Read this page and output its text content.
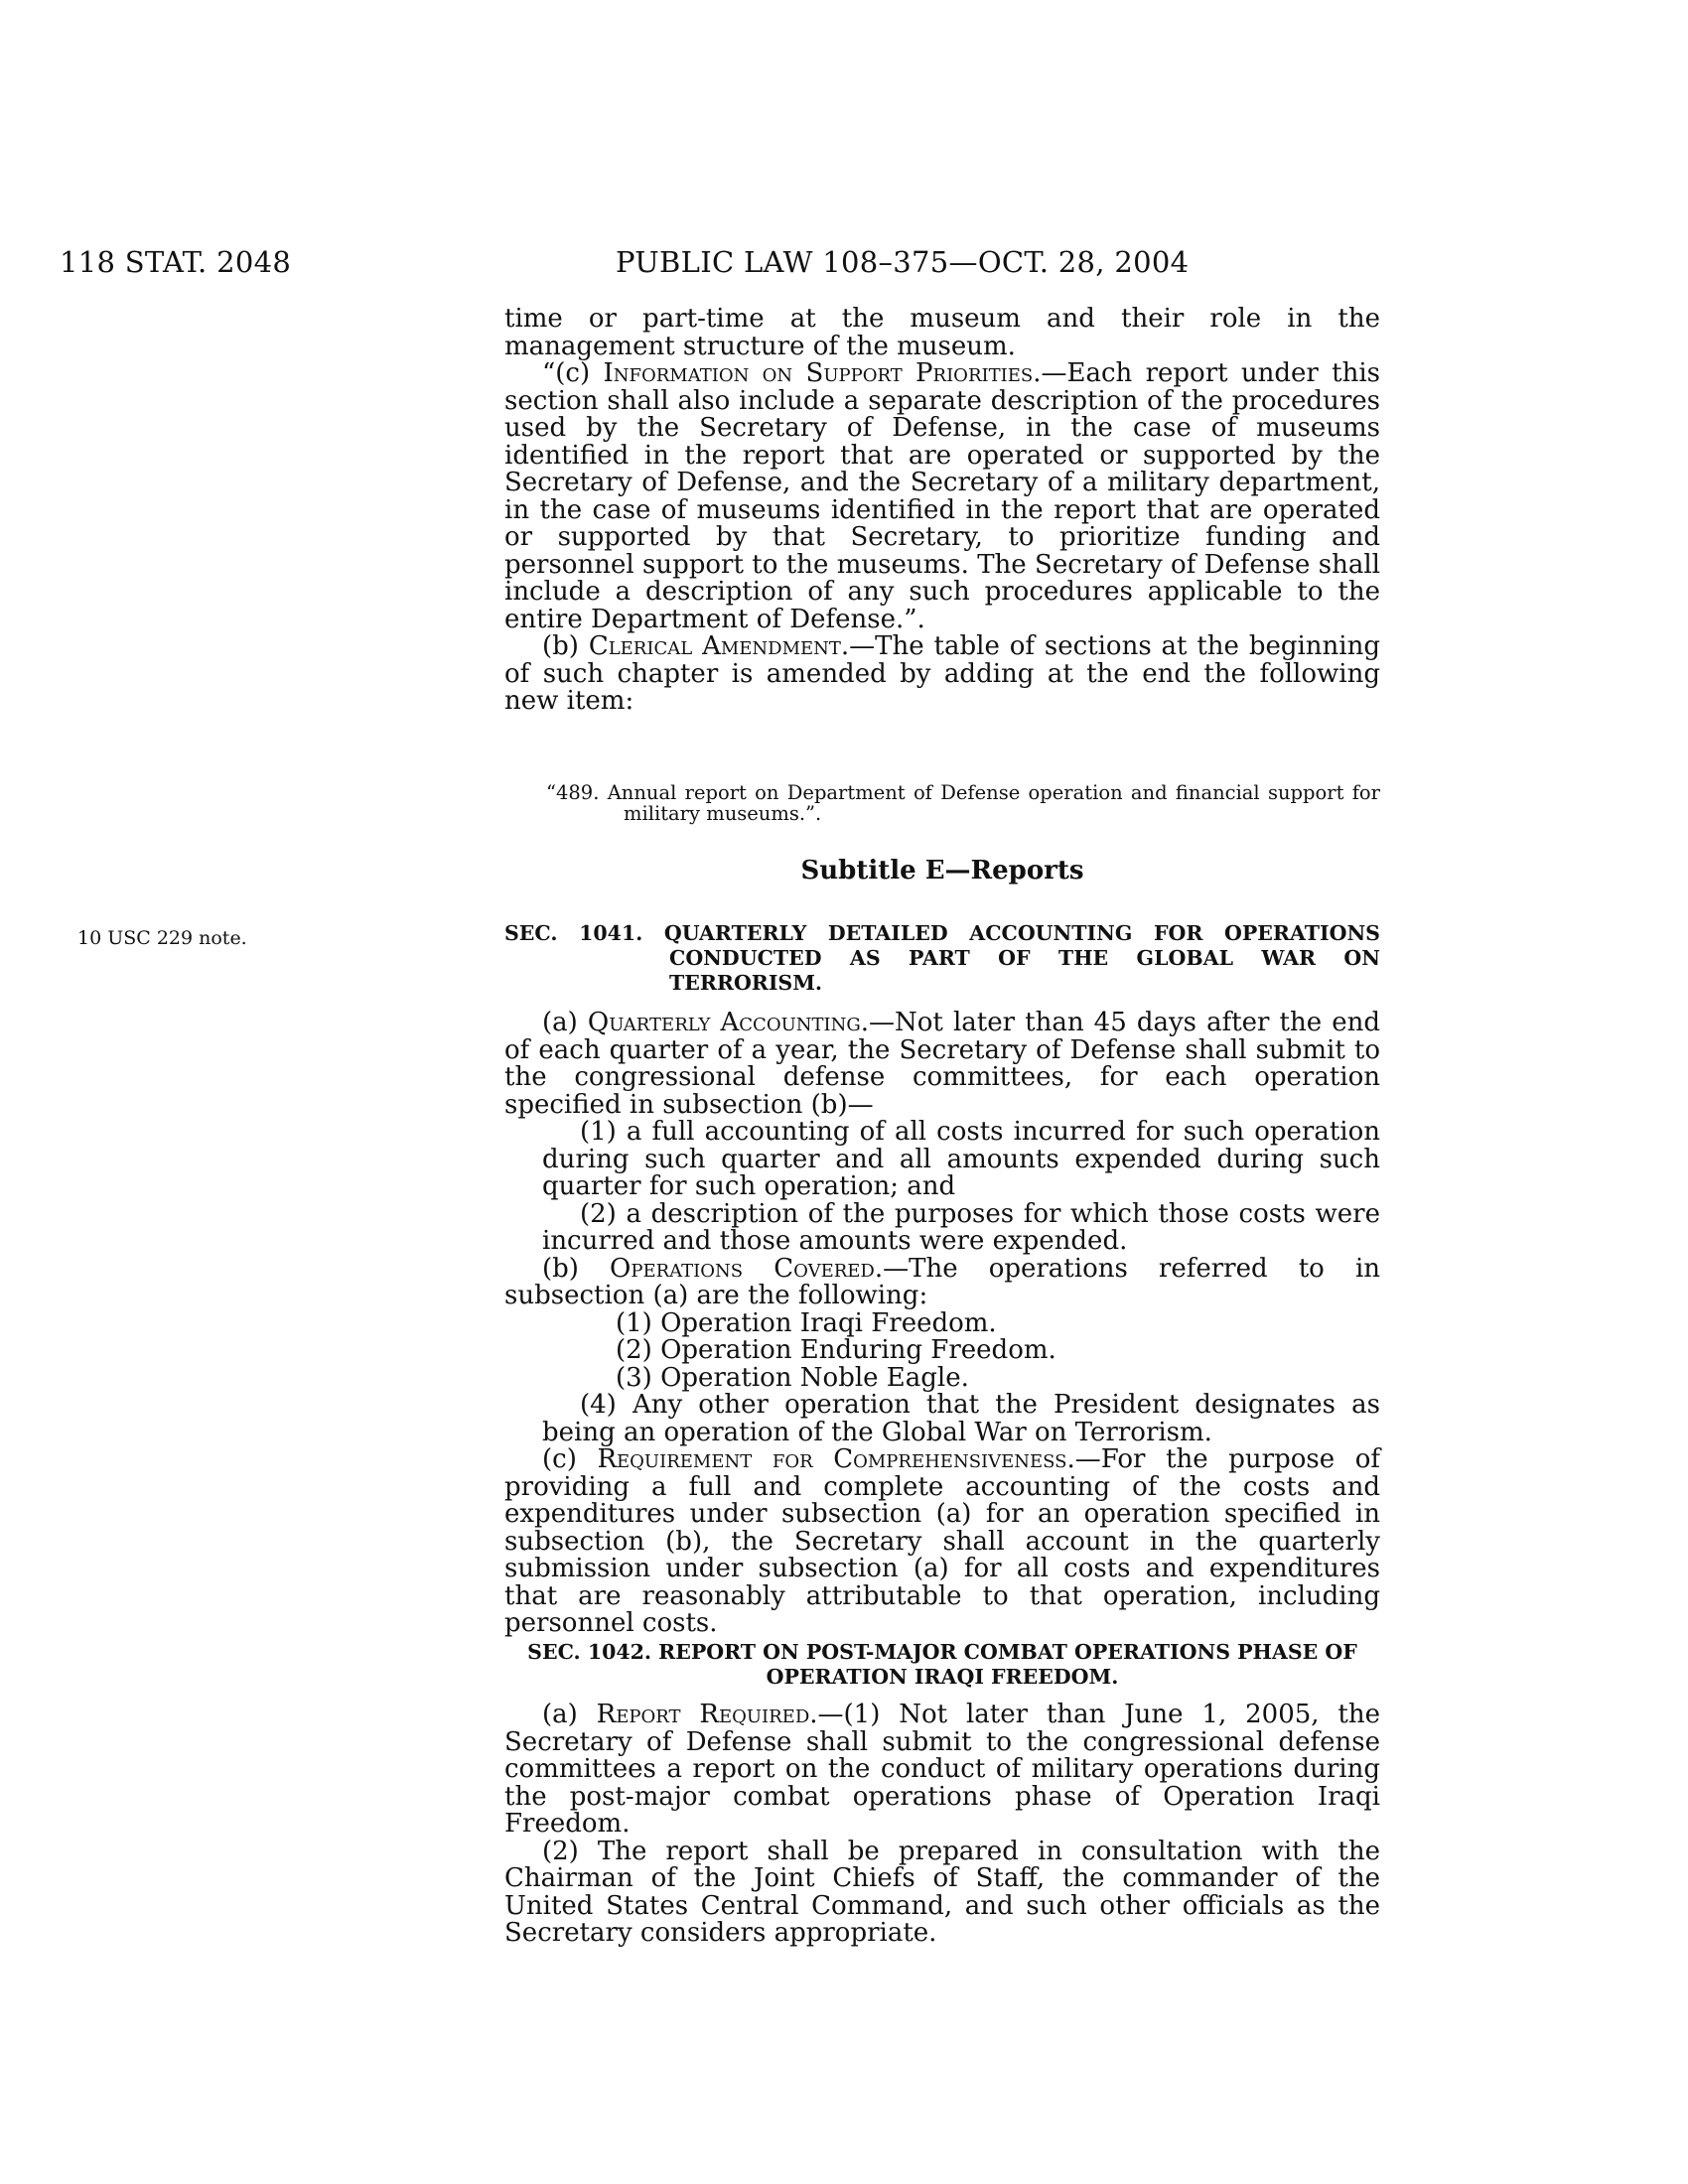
118 STAT. 2048	PUBLIC LAW 108–375—OCT. 28, 2004
10 USC 229 note.

time or part-time at the museum and their role in the management structure of the museum.

“(c) Information on Support Priorities.—Each report under this section shall also include a separate description of the procedures used by the Secretary of Defense, in the case of museums identified in the report that are operated or supported by the Secretary of Defense, and the Secretary of a military department, in the case of museums identified in the report that are operated or supported by that Secretary, to prioritize funding and personnel support to the museums. The Secretary of Defense shall include a description of any such procedures applicable to the entire Department of Defense.”.

(b) Clerical Amendment.—The table of sections at the beginning of such chapter is amended by adding at the end the following new item:

“489. Annual report on Department of Defense operation and financial support for military museums.”.

Subtitle E—Reports

SEC. 1041. QUARTERLY DETAILED ACCOUNTING FOR OPERATIONS CONDUCTED AS PART OF THE GLOBAL WAR ON TERRORISM.

(a) Quarterly Accounting.—Not later than 45 days after the end of each quarter of a year, the Secretary of Defense shall submit to the congressional defense committees, for each operation specified in subsection (b)—

(1) a full accounting of all costs incurred for such operation during such quarter and all amounts expended during such quarter for such operation; and

(2) a description of the purposes for which those costs were incurred and those amounts were expended.

(b) Operations Covered.—The operations referred to in subsection (a) are the following:

(1) Operation Iraqi Freedom.

(2) Operation Enduring Freedom.

(3) Operation Noble Eagle.

(4) Any other operation that the President designates as being an operation of the Global War on Terrorism.

(c) Requirement for Comprehensiveness.—For the purpose of providing a full and complete accounting of the costs and expenditures under subsection (a) for an operation specified in subsection (b), the Secretary shall account in the quarterly submission under subsection (a) for all costs and expenditures that are reasonably attributable to that operation, including personnel costs.

SEC. 1042. REPORT ON POST-MAJOR COMBAT OPERATIONS PHASE OF OPERATION IRAQI FREEDOM.

(a) Report Required.—(1) Not later than June 1, 2005, the Secretary of Defense shall submit to the congressional defense committees a report on the conduct of military operations during the post-major combat operations phase of Operation Iraqi Freedom.

(2) The report shall be prepared in consultation with the Chairman of the Joint Chiefs of Staff, the commander of the United States Central Command, and such other officials as the Secretary considers appropriate.
